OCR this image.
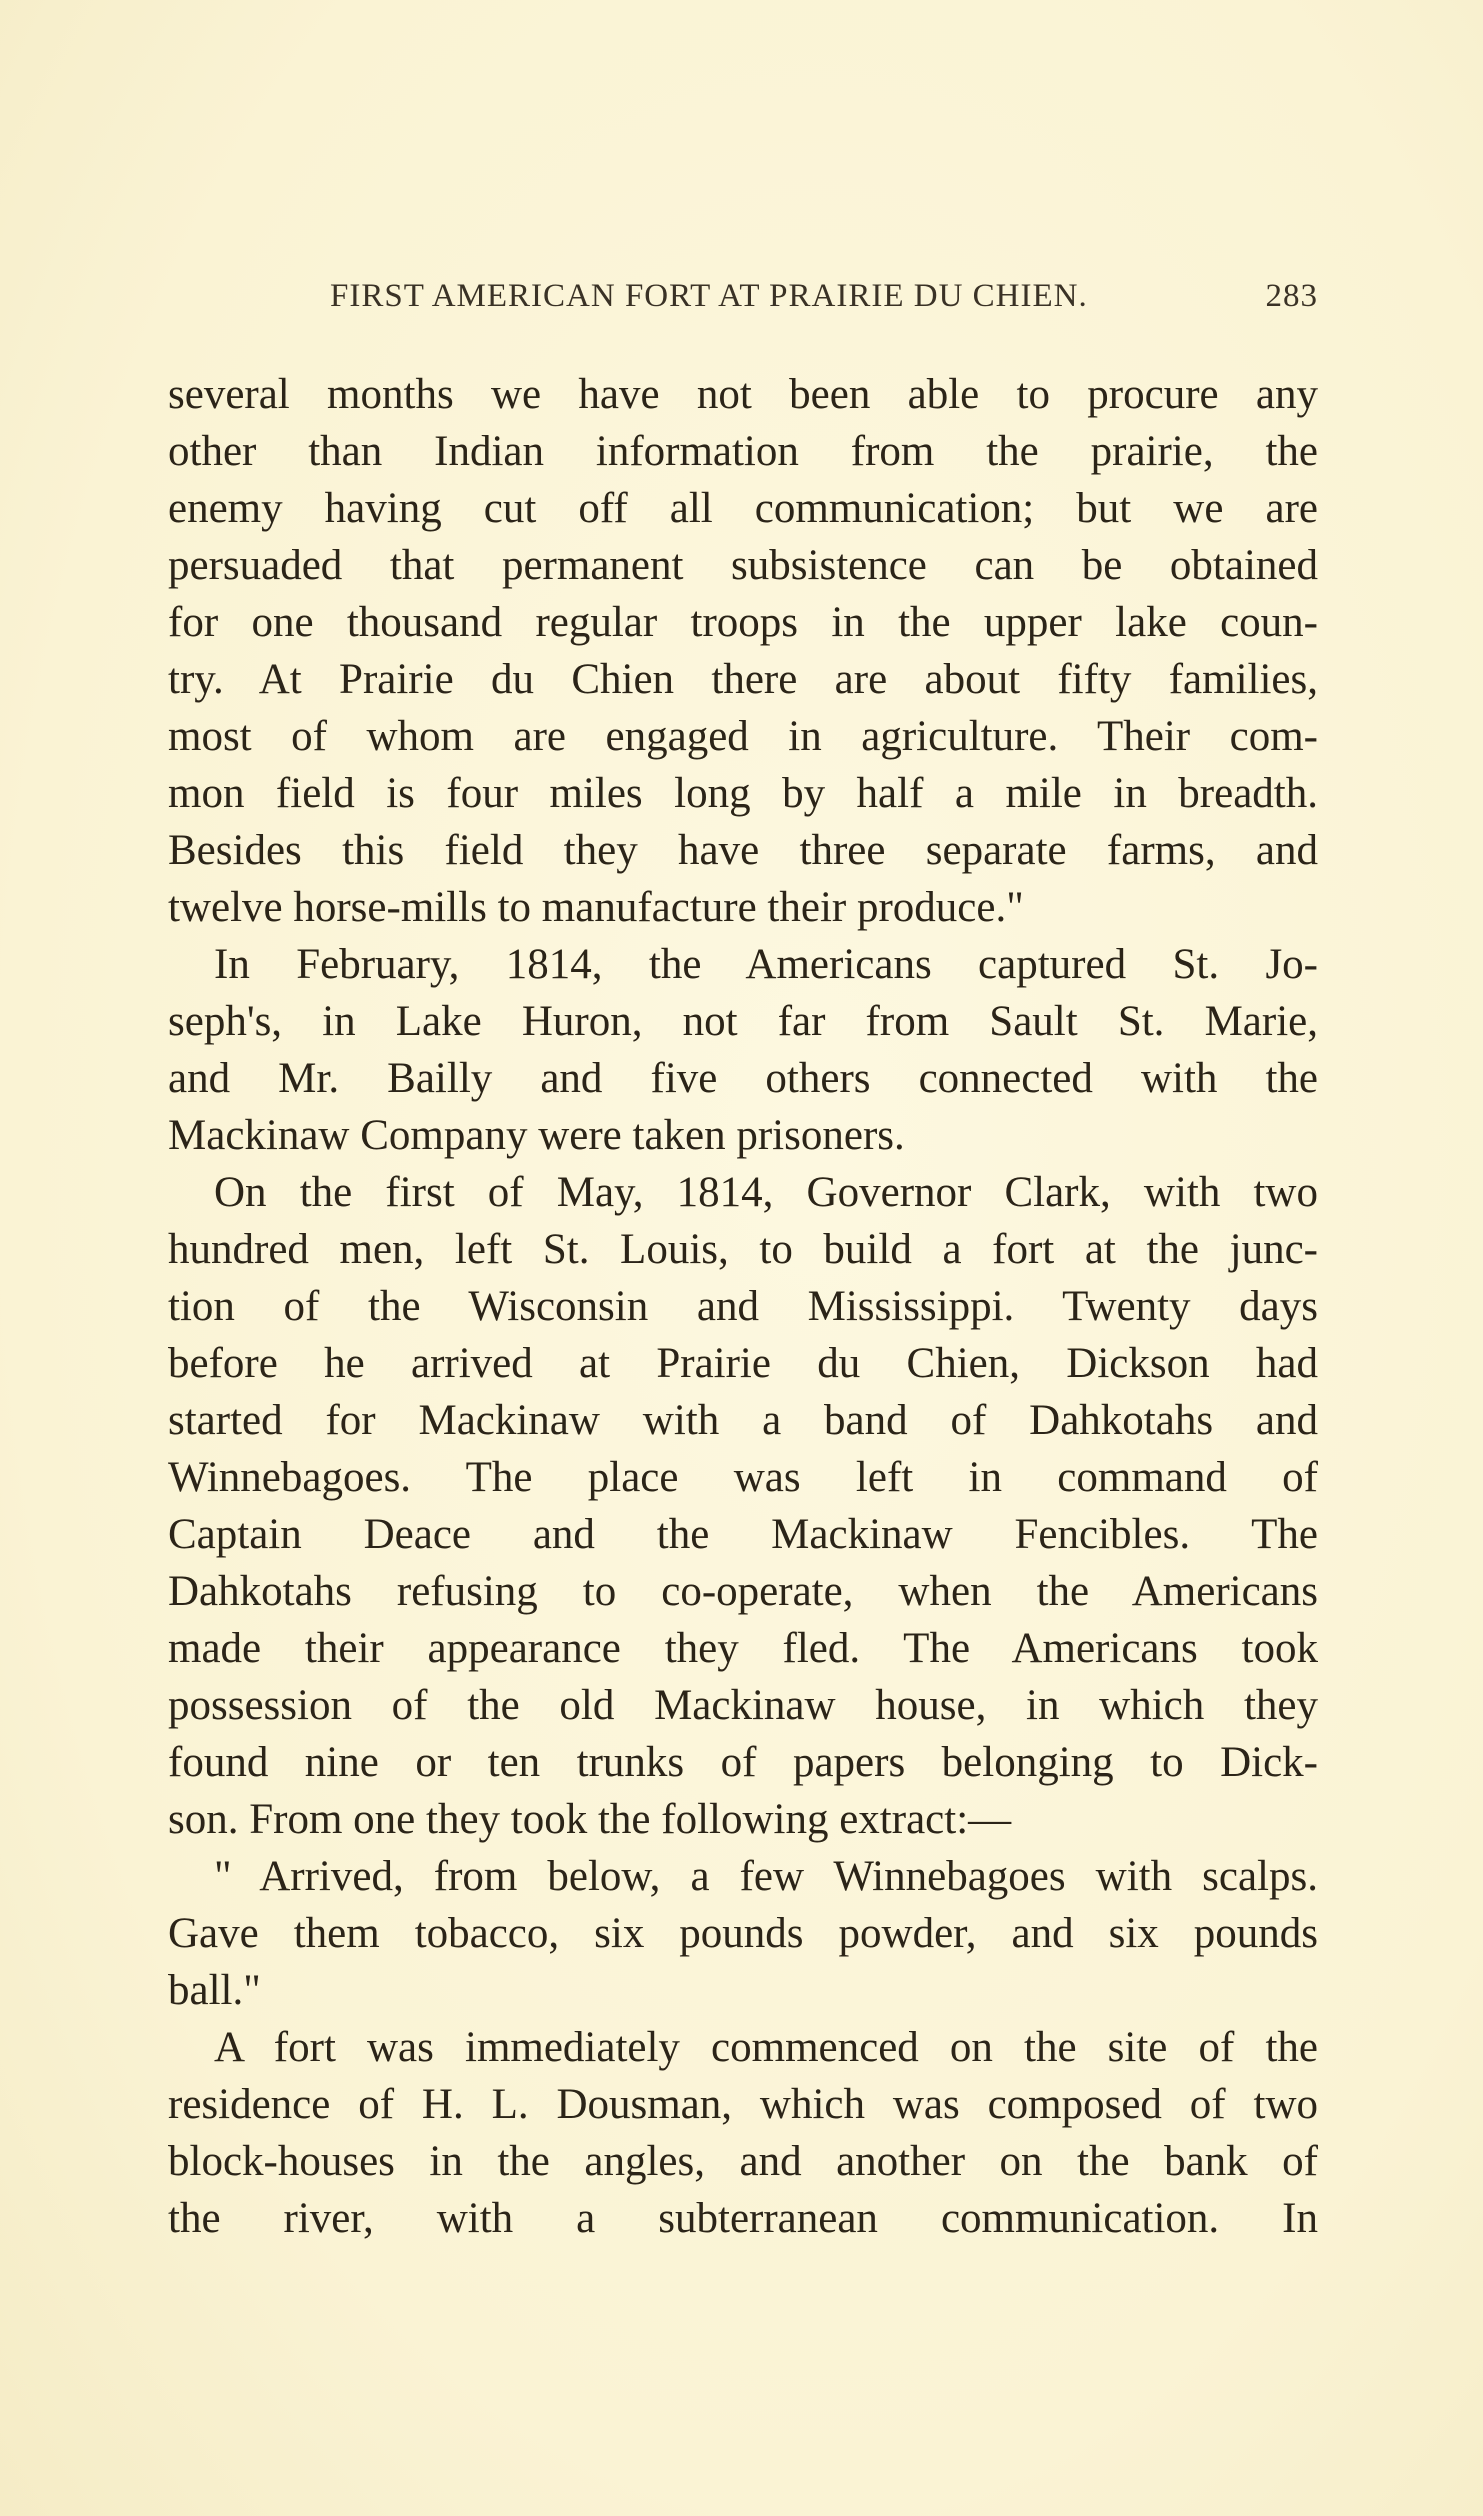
FIRST AMERICAN FORT AT PRAIRIE DU CHIEN.	283
several months we have not been able to procure any
other than Indian information from the prairie, the
enemy having cut off all communication; but we are
persuaded that permanent subsistence can be obtained
for one thousand regular troops in the upper lake coun-
try. At Prairie du Chien there are about fifty families,
most of whom are engaged in agriculture. Their com-
mon field is four miles long by half a mile in breadth.
Besides this field they have three separate farms, and
twelve horse-mills to manufacture their produce."
In February, 1814, the Americans captured St. Jo-
seph's, in Lake Huron, not far from Sault St. Marie,
and Mr. Bailly and five others connected with the
Mackinaw Company were taken prisoners.
On the first of May, 1814, Governor Clark, with two
hundred men, left St. Louis, to build a fort at the junc-
tion of the Wisconsin and Mississippi. Twenty days
before he arrived at Prairie du Chien, Dickson had
started for Mackinaw with a band of Dahkotahs and
Winnebagoes. The place was left in command of
Captain Deace and the Mackinaw Fencibles. The
Dahkotahs refusing to co-operate, when the Americans
made their appearance they fled. The Americans took
possession of the old Mackinaw house, in which they
found nine or ten trunks of papers belonging to Dick-
son. From one they took the following extract:—
" Arrived, from below, a few Winnebagoes with scalps.
Gave them tobacco, six pounds powder, and six pounds
ball."
A fort was immediately commenced on the site of the
residence of H. L. Dousman, which was composed of two
block-houses in the angles, and another on the bank of
the river, with a subterranean communication. In
